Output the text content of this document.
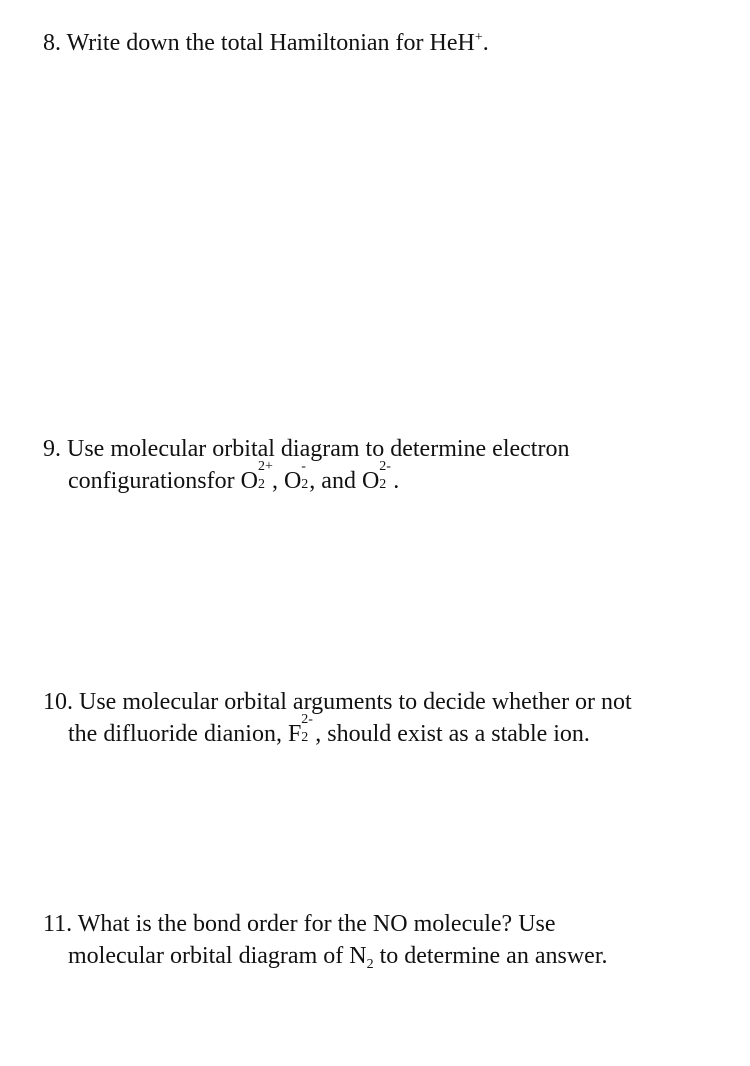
8. Write down the total Hamiltonian for HeH+.
9. Use molecular orbital diagram to determine electron
configurationsfor O
2+
2 , O
-
2 , and O
2-
2 .
10. Use molecular orbital arguments to decide whether or not
the difluoride dianion, F
2-
2 , should exist as a stable ion.
11. What is the bond order for the NO molecule? Use
molecular orbital diagram of $N_2$ to determine an answer.
